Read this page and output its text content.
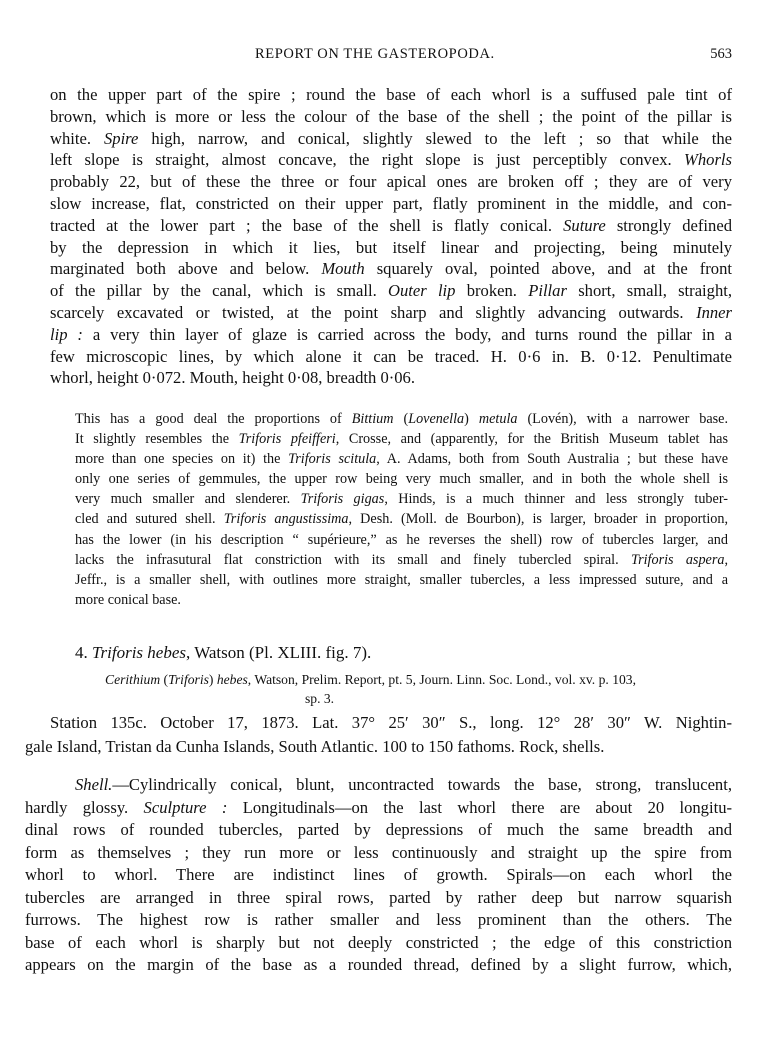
REPORT ON THE GASTEROPODA.	563
on the upper part of the spire ; round the base of each whorl is a suffused pale tint of
brown, which is more or less the colour of the base of the shell ; the point of the pillar is
white. Spire high, narrow, and conical, slightly slewed to the left ; so that while the
left slope is straight, almost concave, the right slope is just perceptibly convex. Whorls
probably 22, but of these the three or four apical ones are broken off ; they are of very
slow increase, flat, constricted on their upper part, flatly prominent in the middle, and con-
tracted at the lower part ; the base of the shell is flatly conical. Suture strongly defined
by the depression in which it lies, but itself linear and projecting, being minutely
marginated both above and below. Mouth squarely oval, pointed above, and at the front
of the pillar by the canal, which is small. Outer lip broken. Pillar short, small, straight,
scarcely excavated or twisted, at the point sharp and slightly advancing outwards. Inner
lip : a very thin layer of glaze is carried across the body, and turns round the pillar in a
few microscopic lines, by which alone it can be traced. H. 0·6 in. B. 0·12. Penultimate
whorl, height 0·072. Mouth, height 0·08, breadth 0·06.
This has a good deal the proportions of Bittium (Lovenella) metula (Lovén), with a narrower base.
It slightly resembles the Triforis pfeifferi, Crosse, and (apparently, for the British Museum tablet has
more than one species on it) the Triforis scitula, A. Adams, both from South Australia ; but these have
only one series of gemmules, the upper row being very much smaller, and in both the whole shell is
very much smaller and slenderer. Triforis gigas, Hinds, is a much thinner and less strongly tuber-
cled and sutured shell. Triforis angustissima, Desh. (Moll. de Bourbon), is larger, broader in proportion,
has the lower (in his description “ supérieure,” as he reverses the shell) row of tubercles larger, and
lacks the infrasutural flat constriction with its small and finely tubercled spiral. Triforis aspera,
Jeffr., is a smaller shell, with outlines more straight, smaller tubercles, a less impressed suture, and a
more conical base.
4. Triforis hebes, Watson (Pl. XLIII. fig. 7).
Cerithium (Triforis) hebes, Watson, Prelim. Report, pt. 5, Journ. Linn. Soc. Lond., vol. xv. p. 103,
sp. 3.
Station 135c. October 17, 1873. Lat. 37° 25′ 30″ S., long. 12° 28′ 30″ W. Nightin-
gale Island, Tristan da Cunha Islands, South Atlantic. 100 to 150 fathoms. Rock, shells.
Shell.—Cylindrically conical, blunt, uncontracted towards the base, strong, translucent,
hardly glossy. Sculpture : Longitudinals—on the last whorl there are about 20 longitu-
dinal rows of rounded tubercles, parted by depressions of much the same breadth and
form as themselves ; they run more or less continuously and straight up the spire from
whorl to whorl. There are indistinct lines of growth. Spirals—on each whorl the
tubercles are arranged in three spiral rows, parted by rather deep but narrow squarish
furrows. The highest row is rather smaller and less prominent than the others. The
base of each whorl is sharply but not deeply constricted ; the edge of this constriction
appears on the margin of the base as a rounded thread, defined by a slight furrow, which,
